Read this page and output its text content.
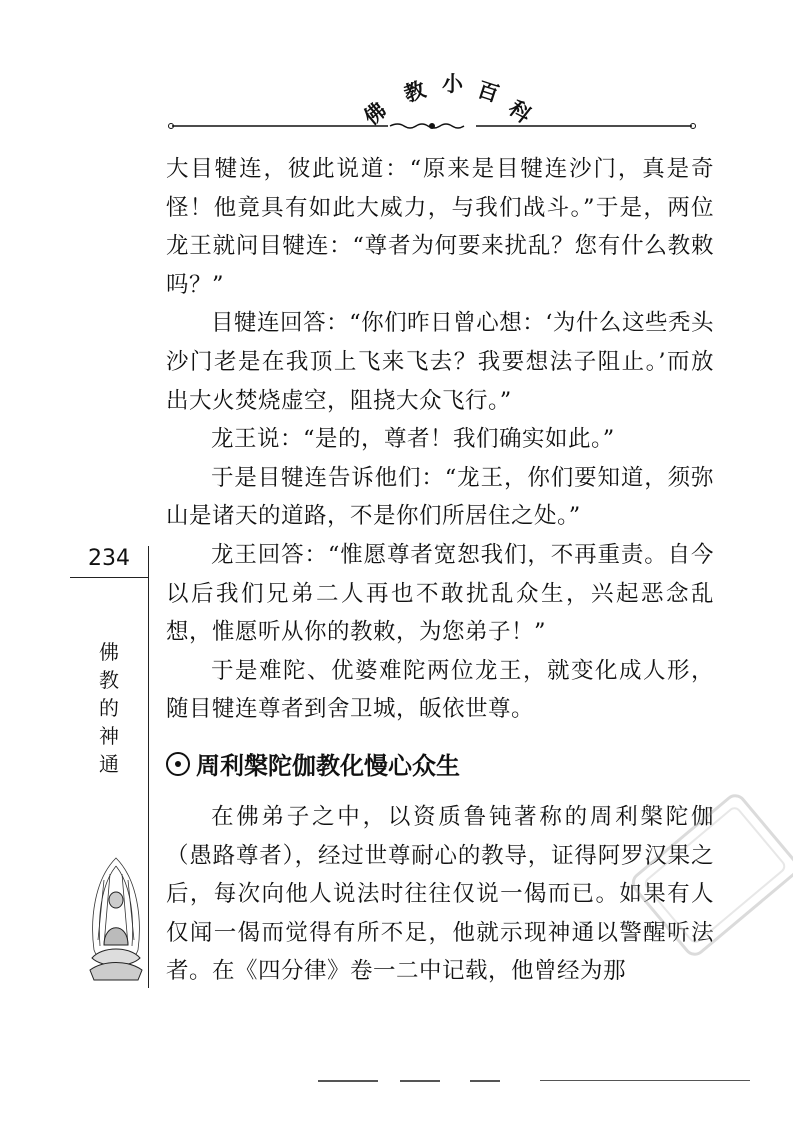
佛
教 小 百
科
234
佛
教
的
神
通

大目犍连，彼此说道：“原来是目犍连沙门，真是奇怪！他竟具有如此大威力，与我们战斗。”于是，两位龙王就问目犍连：“尊者为何要来扰乱？您有什么教敕吗？”

目犍连回答：“你们昨日曾心想：‘为什么这些秃头沙门老是在我顶上飞来飞去？我要想法子阻止。’而放出大火焚烧虚空，阻挠大众飞行。”

龙王说：“是的，尊者！我们确实如此。”

于是目犍连告诉他们：“龙王，你们要知道，须弥山是诸天的道路，不是你们所居住之处。”

龙王回答：“惟愿尊者宽恕我们，不再重责。自今以后我们兄弟二人再也不敢扰乱众生，兴起恶念乱想，惟愿听从你的教敕，为您弟子！”

于是难陀、优婆难陀两位龙王，就变化成人形，随目犍连尊者到舍卫城，皈依世尊。

周利槃陀伽教化慢心众生

在佛弟子之中，以资质鲁钝著称的周利槃陀伽（愚路尊者），经过世尊耐心的教导，证得阿罗汉果之后，每次向他人说法时往往仅说一偈而已。如果有人仅闻一偈而觉得有所不足，他就示现神通以警醒听法者。在《四分律》卷一二中记载，他曾经为那
